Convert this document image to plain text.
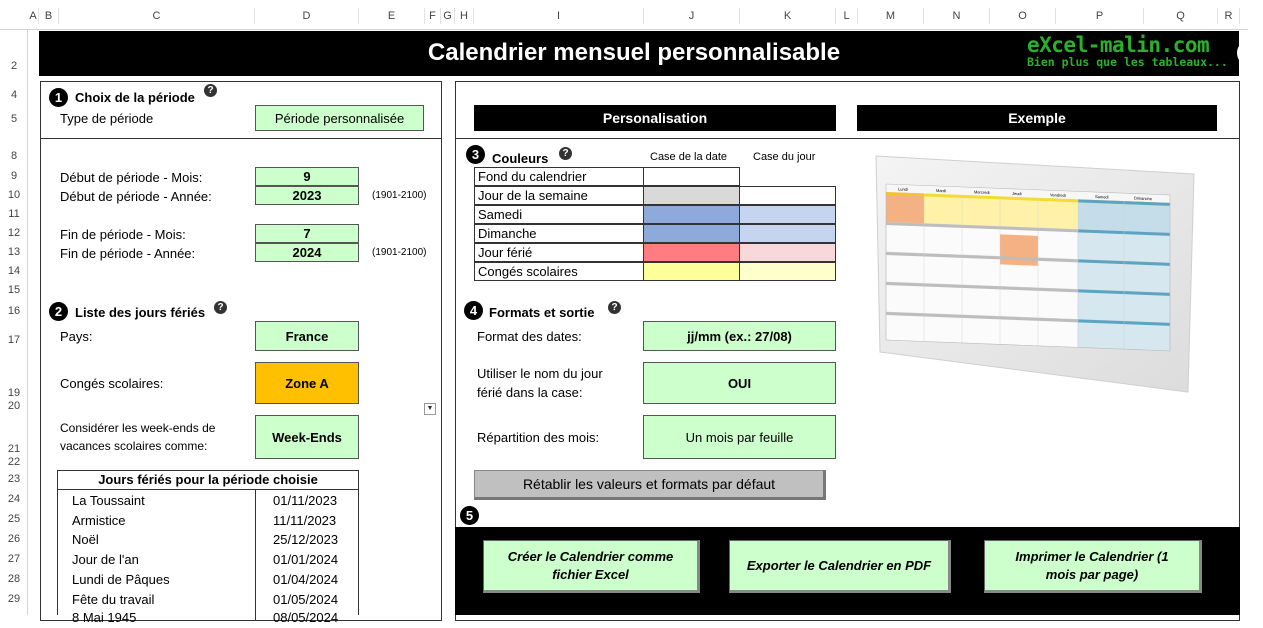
A B	C	D	E	F G H	I	J	K	L	M	N	O	P	Q	R
2
4
5
8
9
10
11
12
13
14
15
16
17
19
20
21
22
23
24
25
26
27
28
29
Calendrier mensuel personnalisable	eXcel-malin.com
Bien plus que les tableaux...
?
1 Choix de la période	?
Type de période	Période personnalisée
Début de période - Mois:	9
Début de période - Année:	2023	(1901-2100)
Fin de période - Mois:	7
Fin de période - Année:	2024	(1901-2100)
2 Liste des jours fériés	?
Pays:	France
Congés scolaires:	Zone A
▼
Considérer les week-ends de
vacances scolaires comme:
Week-Ends
Jours fériés pour la période choisie
La Toussaint	01/11/2023
Armistice	11/11/2023
Noël	25/12/2023
Jour de l'an	01/01/2024
Lundi de Pâques	01/04/2024
Fête du travail	01/05/2024
8 Mai 1945	08/05/2024
Personalisation	Exemple
3 Couleurs	?	Case de la date Case du jour
Fond du calendrier
Jour de la semaine
Samedi
Dimanche
Jour férié
Congés scolaires
4 Formats et sortie	?
Format des dates:	jj/mm (ex.: 27/08)
Utiliser le nom du jour
férié dans la case:
OUI
Répartition des mois:	Un mois par feuille
Rétablir les valeurs et formats par défaut
5
Créer le Calendrier comme fichier Excel
Exporter le Calendrier en PDF
Imprimer le Calendrier (1 mois par page)
Lundi	Mardi	Mercredi	Jeudi	Vendredi	Samedi	Dimanche
